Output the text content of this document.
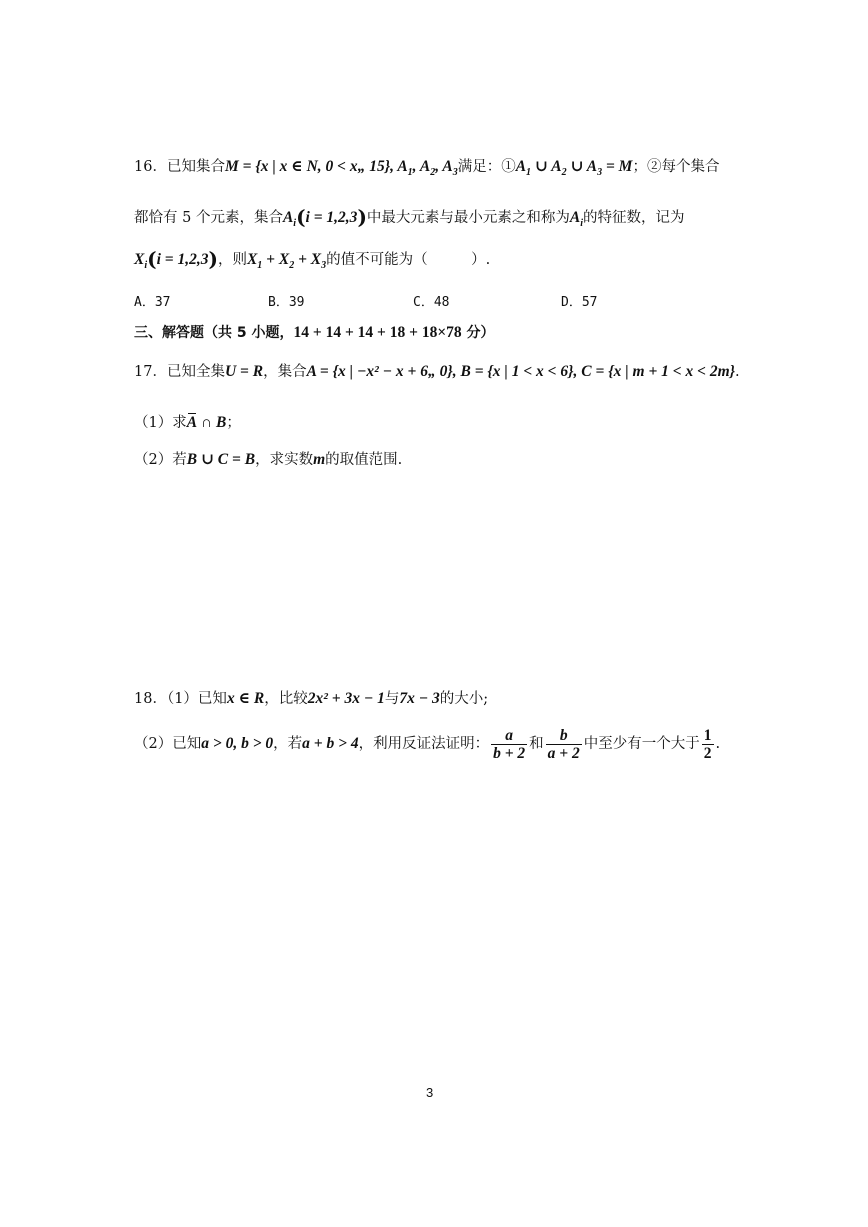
16．已知集合M = {x | x ∈ N, 0 < x„ 15}, $A_1$, $A_2$, $A_3$满足：$①A_1$ ∪ $A_2$ ∪ $A_3 = M$；②每个集合
都恰有 5 个元素，集合$A_i(i = 1,2,3)$中最大元素与最小元素之和称为$A_i$的特征数，记为
$X_i(i = 1,2,3)$，则$X_1 + X_2 + X_3$的值不可能为（　　　）.
A．37	B．39	C．48	D．57
三、解答题（共 5 小题，14 + 14 + 14 + 18 + 18×78 分）
17．已知全集U = R，集合A = {x | −x² − x + 6„ 0}, B = {x | 1 < x < 6}, C = {x | m + 1 < x < 2m}.
（1）求A ∩ B；
（2）若B ∪ C = B，求实数m的取值范围.
18．（1）已知x ∈ R，比较2x² + 3x − 1与7x − 3的大小;
（2）已知a > 0, b > 0，若a + b > 4，利用反证法证明： $\frac{a}{b + 2}$ 和 $\frac{b}{a + 2}$ 中至少有一个大于 $\frac{1}{2}$ .
3
